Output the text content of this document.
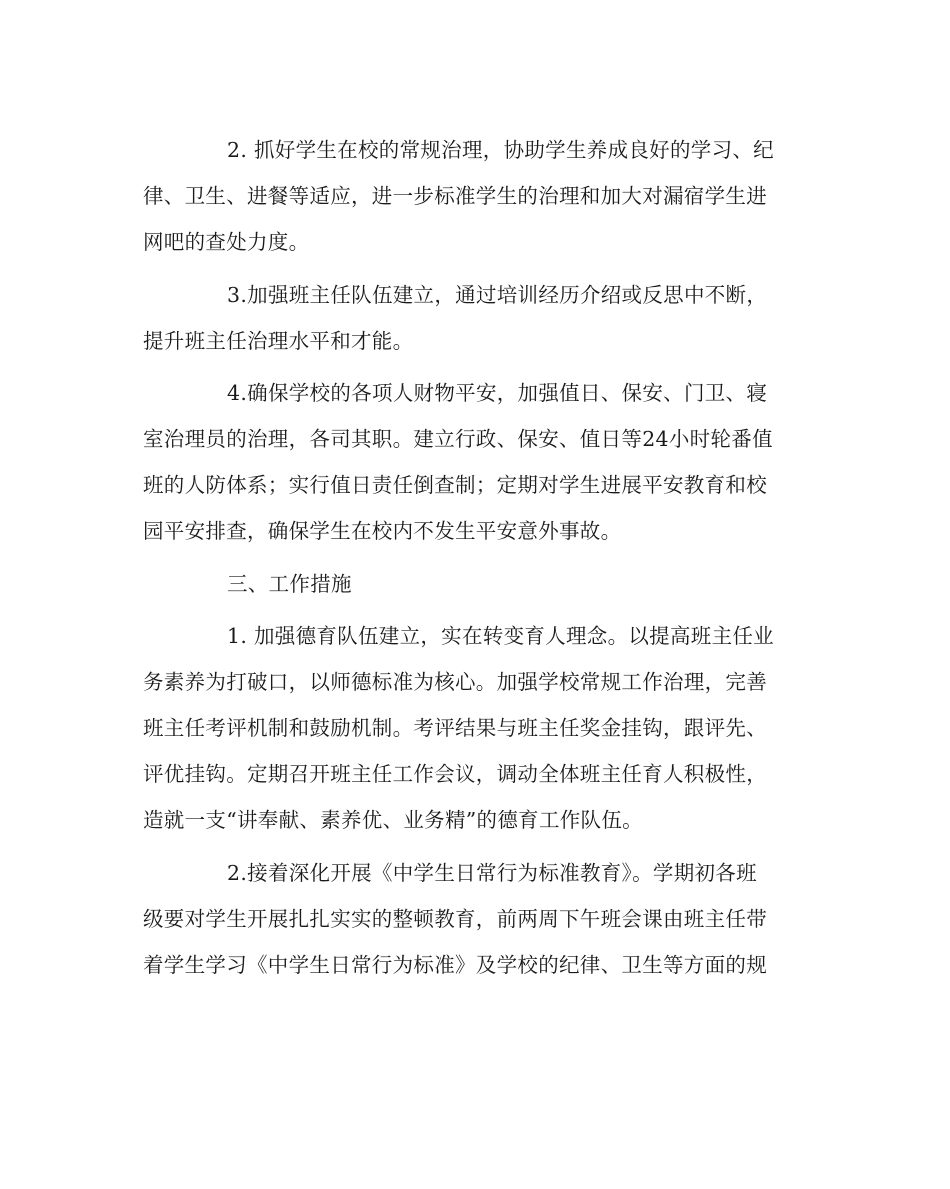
2. 抓好学生在校的常规治理，协助学生养成良好的学习、纪
律、卫生、进餐等适应，进一步标准学生的治理和加大对漏宿学生进
网吧的查处力度。
3.加强班主任队伍建立，通过培训经历介绍或反思中不断，
提升班主任治理水平和才能。
4.确保学校的各项人财物平安，加强值日、保安、门卫、寝
室治理员的治理，各司其职。建立行政、保安、值日等24小时轮番值
班的人防体系；实行值日责任倒查制；定期对学生进展平安教育和校
园平安排查，确保学生在校内不发生平安意外事故。
三、工作措施
1. 加强德育队伍建立，实在转变育人理念。以提高班主任业
务素养为打破口，以师德标准为核心。加强学校常规工作治理，完善
班主任考评机制和鼓励机制。考评结果与班主任奖金挂钩，跟评先、
评优挂钩。定期召开班主任工作会议，调动全体班主任育人积极性，
造就一支“讲奉献、素养优、业务精”的德育工作队伍。
2.接着深化开展《中学生日常行为标准教育》。学期初各班
级要对学生开展扎扎实实的整顿教育，前两周下午班会课由班主任带
着学生学习《中学生日常行为标准》及学校的纪律、卫生等方面的规
